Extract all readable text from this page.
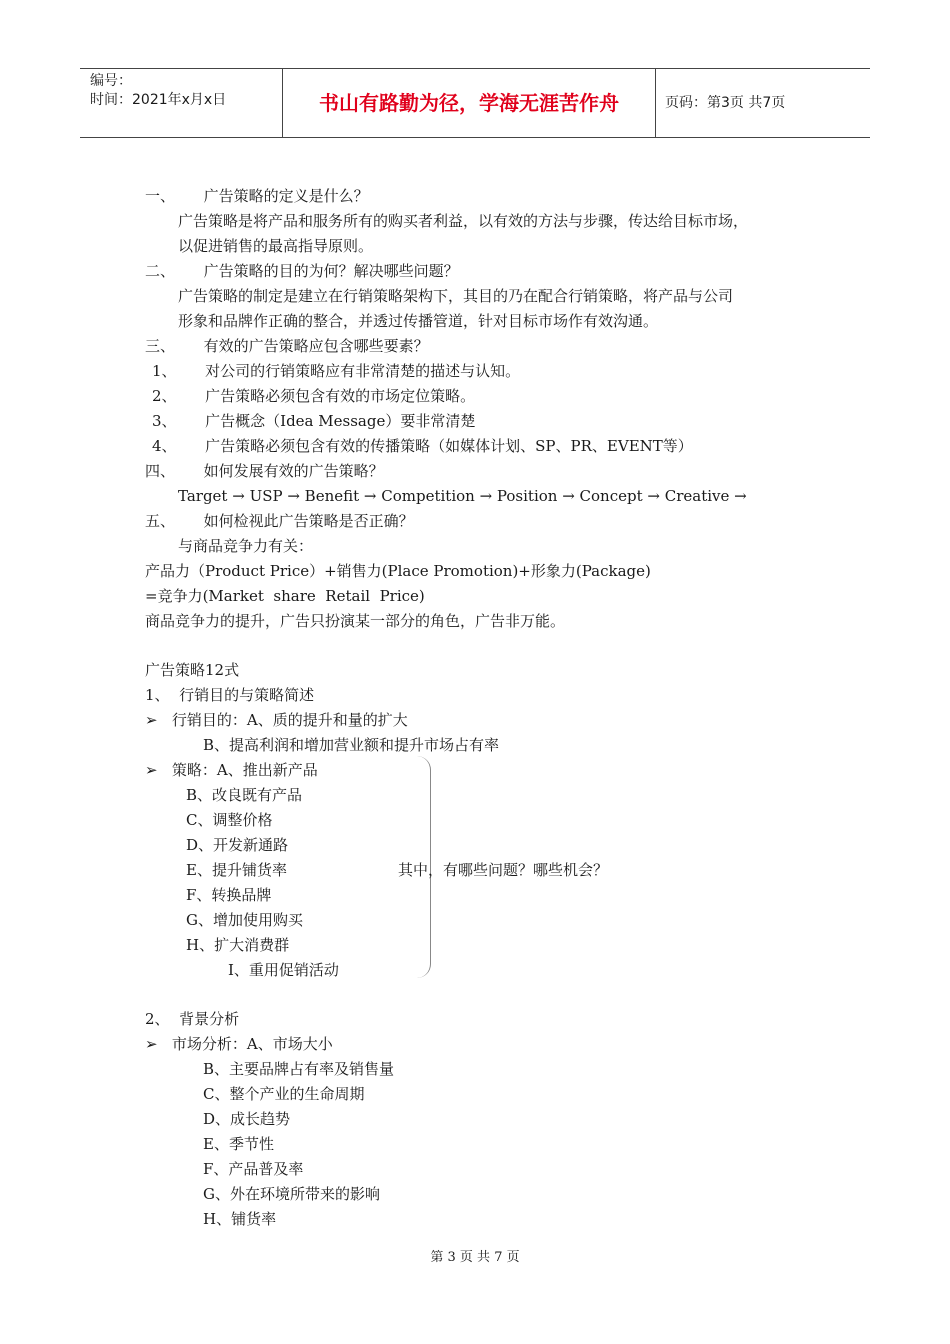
编号：
时间：2021年x月x日	书山有路勤为径，学海无涯苦作舟	页码：第3页 共7页
一、      广告策略的定义是什么？
广告策略是将产品和服务所有的购买者利益，以有效的方法与步骤，传达给目标市场，
以促进销售的最高指导原则。
二、      广告策略的目的为何？解决哪些问题？
广告策略的制定是建立在行销策略架构下，其目的乃在配合行销策略，将产品与公司
形象和品牌作正确的整合，并透过传播管道，针对目标市场作有效沟通。
三、      有效的广告策略应包含哪些要素？
1、      对公司的行销策略应有非常清楚的描述与认知。
2、      广告策略必须包含有效的市场定位策略。
3、      广告概念（Idea Message）要非常清楚
4、      广告策略必须包含有效的传播策略（如媒体计划、SP、PR、EVENT等）
四、      如何发展有效的广告策略？
Target → USP → Benefit → Competition → Position → Concept → Creative →
五、      如何检视此广告策略是否正确？
与商品竞争力有关：
产品力（Product Price）+销售力(Place Promotion)+形象力(Package)
=竞争力(Market  share  Retail  Price)
商品竞争力的提升，广告只扮演某一部分的角色，广告非万能。
广告策略12式
1、  行销目的与策略简述
➢   行销目的：A、质的提升和量的扩大
B、提高利润和增加营业额和提升市场占有率
➢   策略：A、推出新产品
B、改良既有产品
C、调整价格
D、开发新通路
E、提升铺货率
F、转换品牌
G、增加使用购买
H、扩大消费群
I、重用促销活动
其中，有哪些问题？哪些机会？
2、  背景分析
➢   市场分析：A、市场大小
B、主要品牌占有率及销售量
C、整个产业的生命周期
D、成长趋势
E、季节性
F、产品普及率
G、外在环境所带来的影响
H、铺货率
第 3 页 共 7 页
